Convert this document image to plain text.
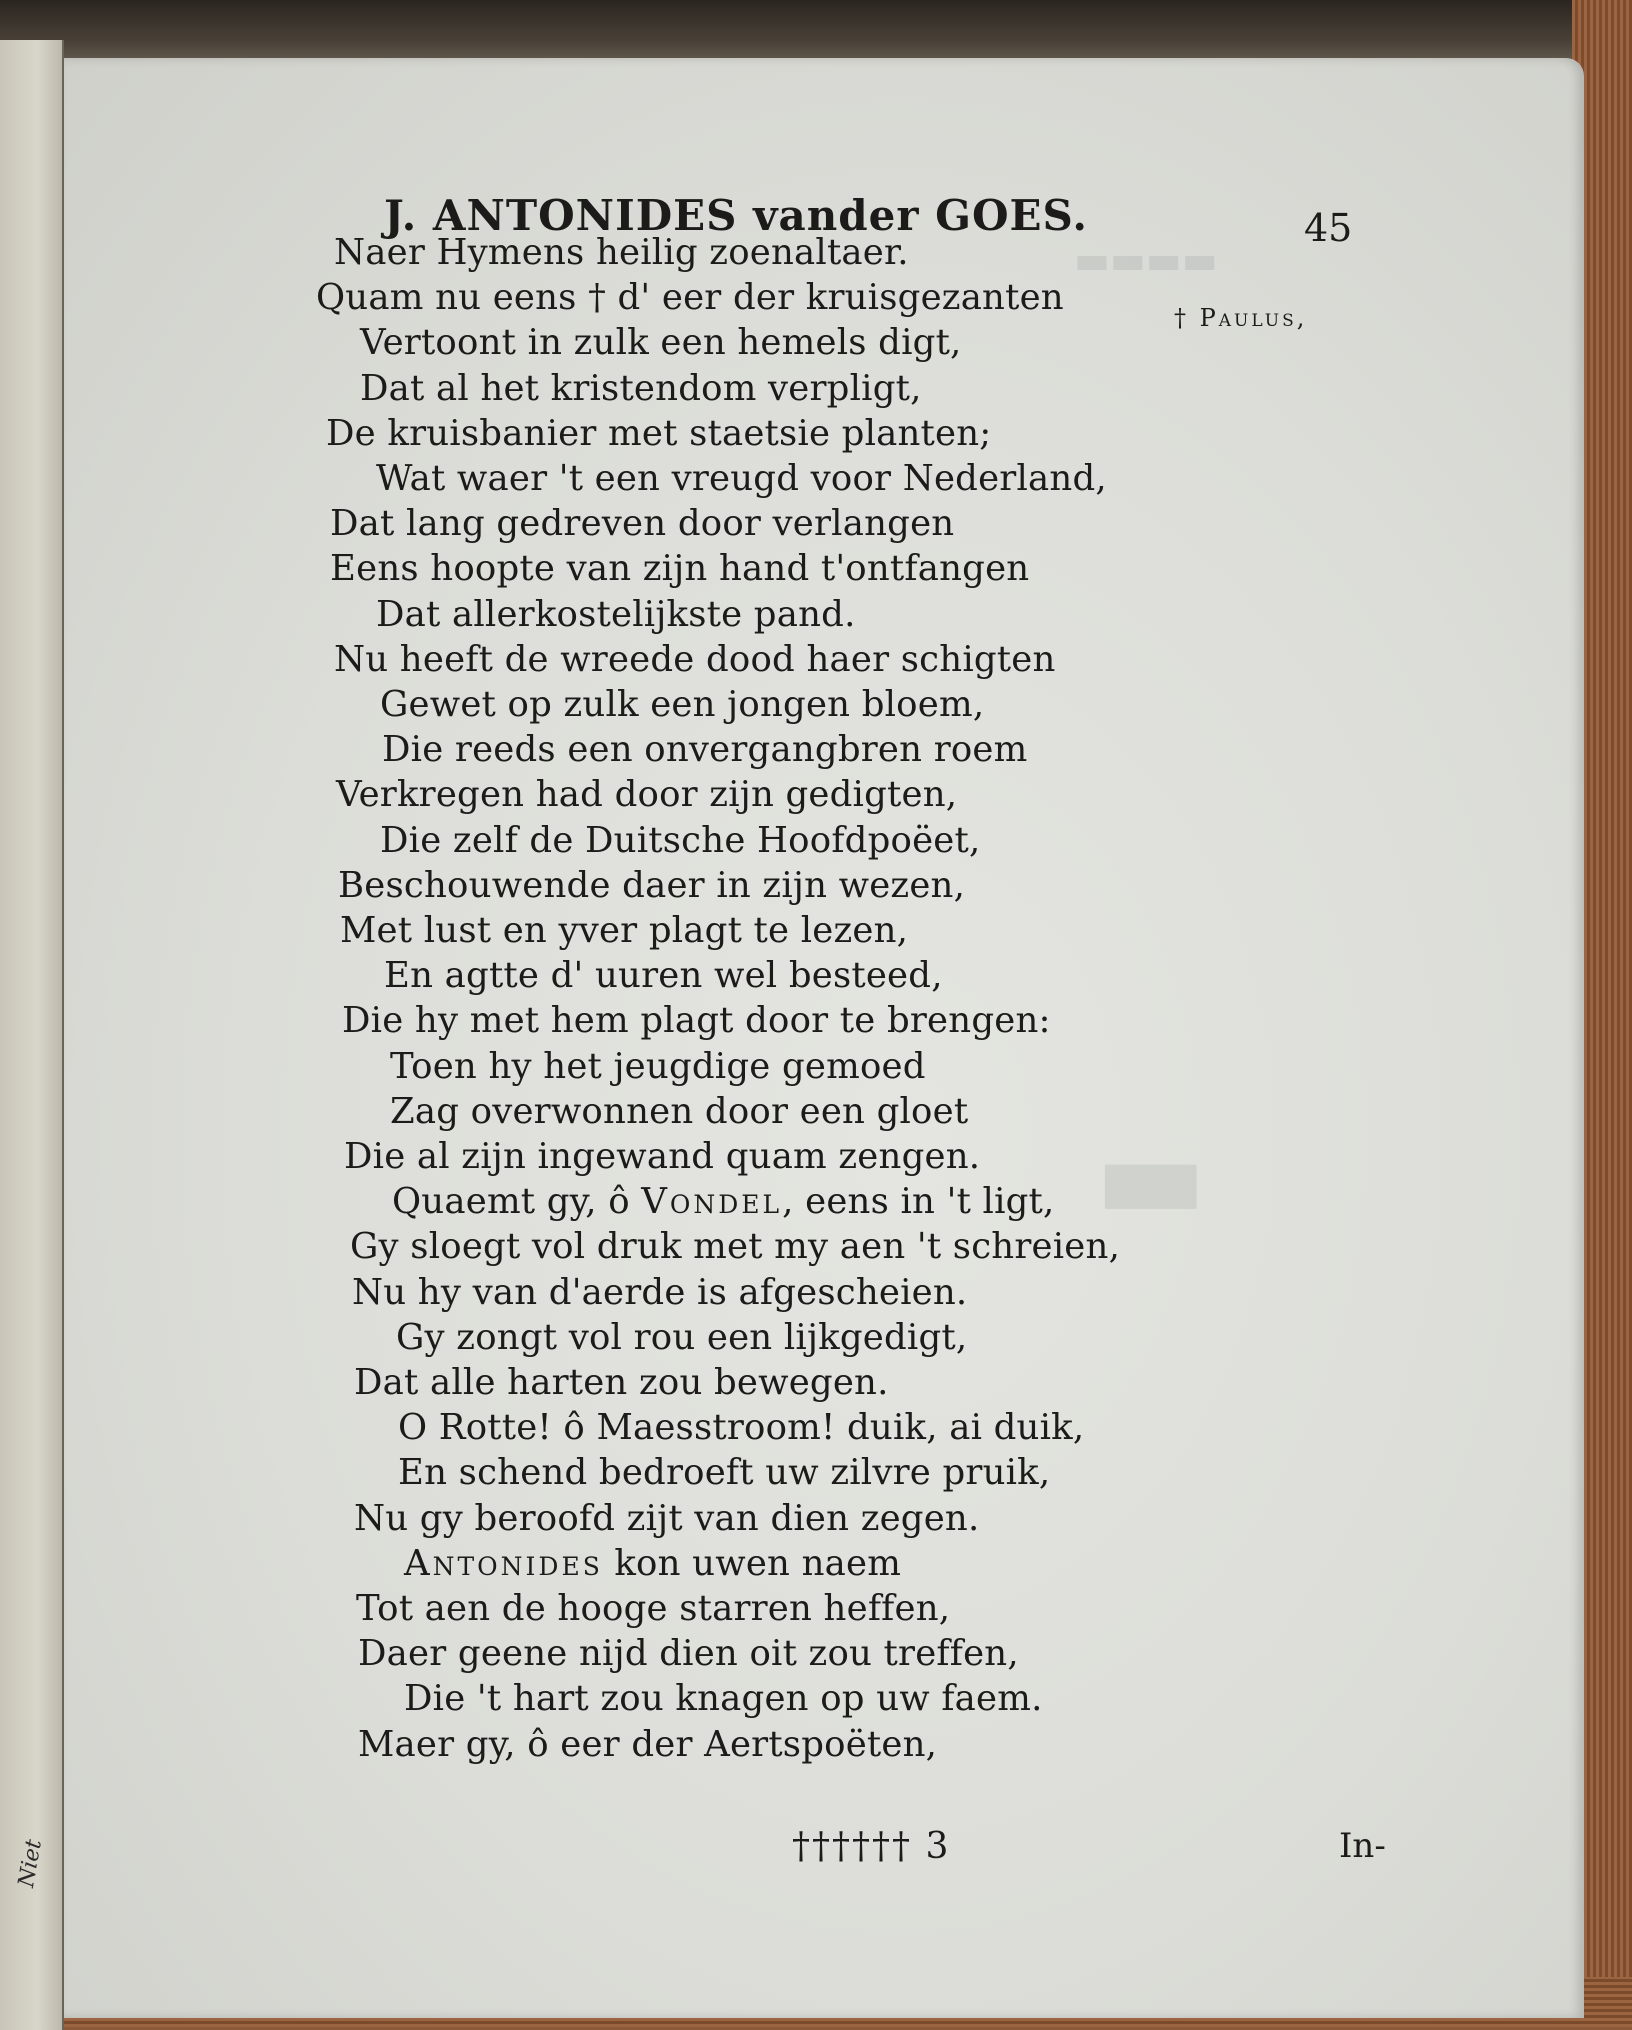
Niet
▬▬▬▬
▬
J. ANTONIDES vander GOES.	45
† Paulus,
Naer Hymens heilig zoenaltaer.
Quam nu eens † d' eer der kruisgezanten
Vertoont in zulk een hemels digt,
Dat al het kristendom verpligt,
De kruisbanier met staetsie planten;
Wat waer 't een vreugd voor Nederland,
Dat lang gedreven door verlangen
Eens hoopte van zijn hand t'ontfangen
Dat allerkostelijkste pand.
Nu heeft de wreede dood haer schigten
Gewet op zulk een jongen bloem,
Die reeds een onvergangbren roem
Verkregen had door zijn gedigten,
Die zelf de Duitsche Hoofdpoëet,
Beschouwende daer in zijn wezen,
Met lust en yver plagt te lezen,
En agtte d' uuren wel besteed,
Die hy met hem plagt door te brengen:
Toen hy het jeugdige gemoed
Zag overwonnen door een gloet
Die al zijn ingewand quam zengen.
Quaemt gy, ô Vondel, eens in 't ligt,
Gy sloegt vol druk met my aen 't schreien,
Nu hy van d'aerde is afgescheien.
Gy zongt vol rou een lijkgedigt,
Dat alle harten zou bewegen.
O Rotte! ô Maesstroom! duik, ai duik,
En schend bedroeft uw zilvre pruik,
Nu gy beroofd zijt van dien zegen.
Antonides kon uwen naem
Tot aen de hooge starren heffen,
Daer geene nijd dien oit zou treffen,
Die 't hart zou knagen op uw faem.
Maer gy, ô eer der Aertspoëten,
†††††† 3	In-
